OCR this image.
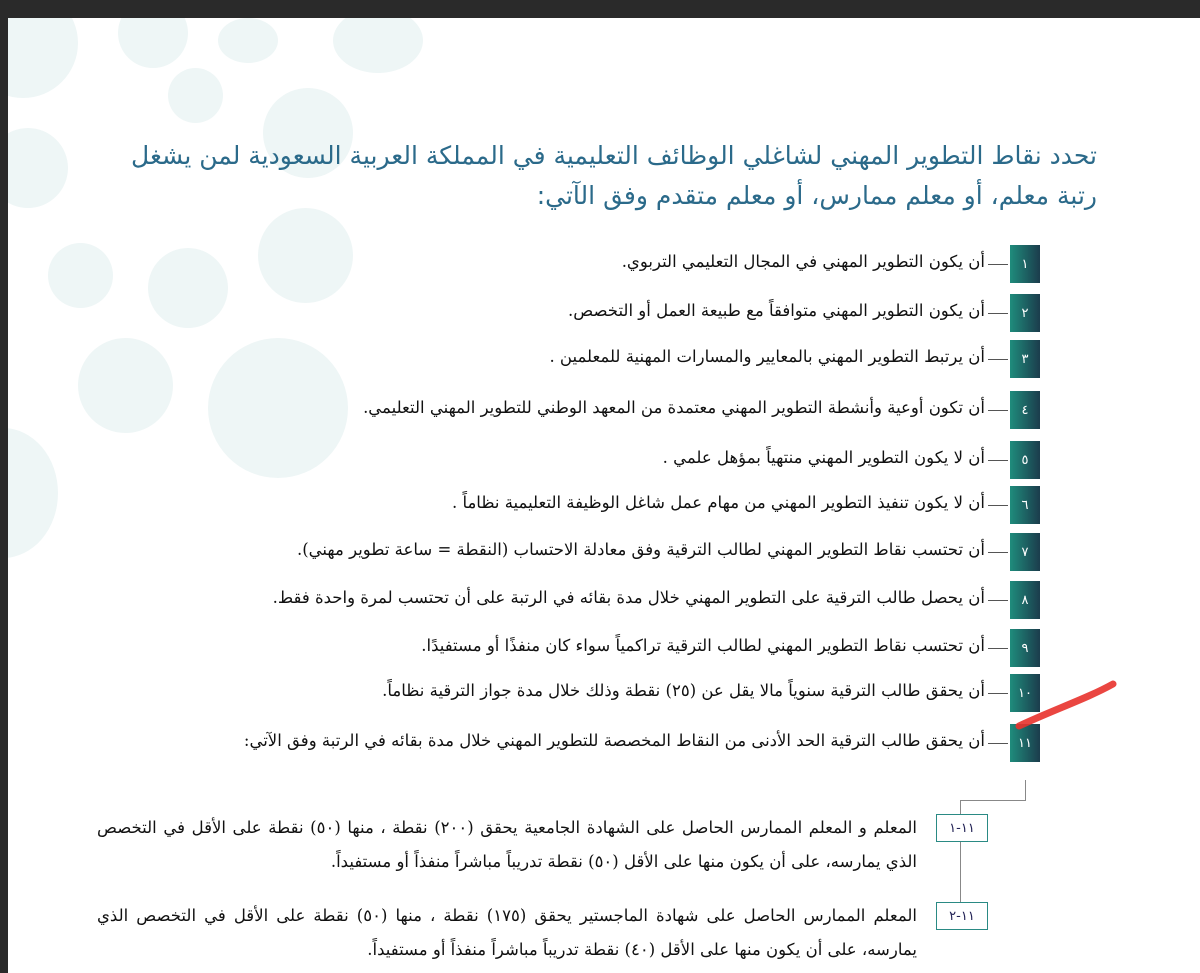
تحدد نقاط التطوير المهني لشاغلي الوظائف التعليمية في المملكة العربية السعودية لمن يشغل رتبة معلم، أو معلم ممارس، أو معلم متقدم وفق الآتي:
١
أن يكون التطوير المهني في المجال التعليمي التربوي.
٢
أن يكون التطوير المهني متوافقاً مع طبيعة العمل أو التخصص.
٣
أن يرتبط التطوير المهني بالمعايير والمسارات المهنية للمعلمين .
٤
أن تكون أوعية وأنشطة التطوير المهني معتمدة من المعهد الوطني للتطوير المهني التعليمي.
٥
أن لا يكون التطوير المهني منتهياً بمؤهل علمي .
٦
أن لا يكون تنفيذ التطوير المهني من مهام عمل شاغل الوظيفة التعليمية نظاماً .
٧
أن تحتسب نقاط التطوير المهني لطالب الترقية وفق معادلة الاحتساب (النقطة = ساعة تطوير مهني).
٨
أن يحصل طالب الترقية على التطوير المهني خلال مدة بقائه في الرتبة على أن تحتسب لمرة واحدة فقط.
٩
أن تحتسب نقاط التطوير المهني لطالب الترقية تراكمياً سواء كان منفذًا أو مستفيدًا.
١٠
أن يحقق طالب الترقية سنوياً مالا يقل عن (٢٥) نقطة وذلك خلال مدة جواز الترقية نظاماً.
١١
أن يحقق طالب الترقية الحد الأدنى من النقاط المخصصة للتطوير المهني خلال مدة بقائه في الرتبة وفق الآتي:
١١-١
المعلم و المعلم الممارس الحاصل على الشهادة الجامعية يحقق (٢٠٠) نقطة ، منها (٥٠) نقطة على الأقل في التخصص الذي يمارسه، على أن يكون منها على الأقل (٥٠) نقطة تدريباً مباشراً منفذاً أو مستفيداً.
١١-٢
المعلم الممارس الحاصل على شهادة الماجستير يحقق (١٧٥) نقطة ، منها (٥٠) نقطة على الأقل في التخصص الذي يمارسه، على أن يكون منها على الأقل (٤٠) نقطة تدريباً مباشراً منفذاً أو مستفيداً.
